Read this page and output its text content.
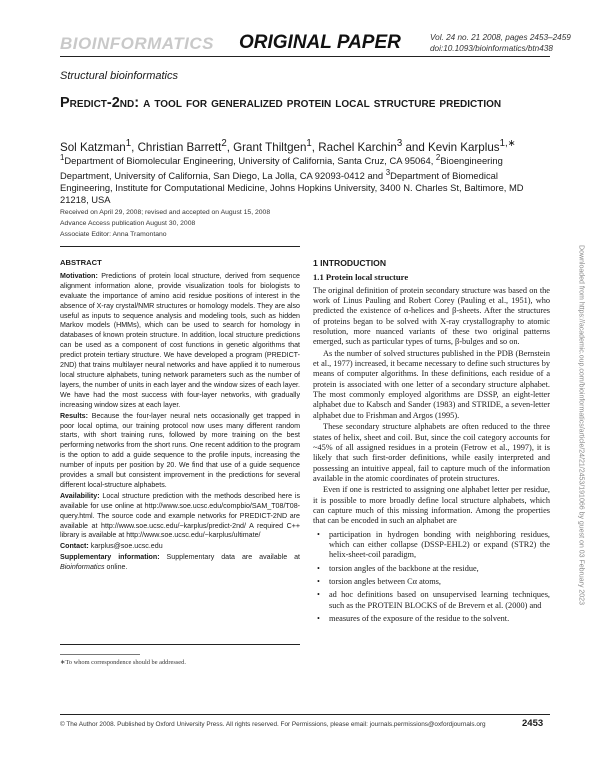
BIOINFORMATICS ORIGINAL PAPER	Vol. 24 no. 21 2008, pages 2453–2459
doi:10.1093/bioinformatics/btn438
Structural bioinformatics
Predict-2nd: a tool for generalized protein local structure prediction
Sol Katzman$^1$, Christian Barrett$^2$, Grant Thiltgen$^1$, Rachel Karchin$^3$ and Kevin Karplus$^{1,∗}$
$^1$Department of Biomolecular Engineering, University of California, Santa Cruz, CA 95064, $^2$Bioengineering Department, University of California, San Diego, La Jolla, CA 92093-0412 and $^3$Department of Biomedical Engineering, Institute for Computational Medicine, Johns Hopkins University, 3400 N. Charles St, Baltimore, MD 21218, USA
Received on April 29, 2008; revised and accepted on August 15, 2008
Advance Access publication August 30, 2008
Associate Editor: Anna Tramontano

ABSTRACT

Motivation: Predictions of protein local structure, derived from sequence alignment information alone, provide visualization tools for biologists to evaluate the importance of amino acid residue positions of interest in the absence of X-ray crystal/NMR structures or homology models. They are also useful as inputs to sequence analysis and modeling tools, such as hidden Markov models (HMMs), which can be used to search for homology in databases of known protein structure. In addition, local structure predictions can be used as a component of cost functions in genetic algorithms that predict protein tertiary structure. We have developed a program (PREDICT-2ND) that trains multilayer neural networks and have applied it to numerous local structure alphabets, tuning network parameters such as the number of layers, the number of units in each layer and the window sizes of each layer. We have had the most success with four-layer networks, with gradually increasing window sizes at each layer.

Results: Because the four-layer neural nets occasionally get trapped in poor local optima, our training protocol now uses many different random starts, with short training runs, followed by more training on the best performing networks from the short runs. One recent addition to the program is the option to add a guide sequence to the profile inputs, increasing the number of inputs per position by 20. We find that use of a guide sequence provides a small but consistent improvement in the predictions for several different local-structure alphabets.

Availability: Local structure prediction with the methods described here is available for use online at http://www.soe.ucsc.edu/compbio/SAM_T08/T08-query.html. The source code and example networks for PREDICT-2ND are available at http://www.soe.ucsc.edu/~karplus/predict-2nd/ A required C++ library is available at http://www.soe.ucsc.edu/~karplus/ultimate/

Contact: karplus@soe.ucsc.edu

Supplementary information: Supplementary data are available at Bioinformatics online.

∗To whom correspondence should be addressed.

1 INTRODUCTION

1.1 Protein local structure

The original definition of protein secondary structure was based on the work of Linus Pauling and Robert Corey (Pauling et al., 1951), who predicted the existence of α-helices and β-sheets. After the structures of proteins began to be solved with X-ray crystallography to atomic resolution, more nuanced variants of these two original patterns emerged, such as particular types of turns, β-bulges and so on.

As the number of solved structures published in the PDB (Bernstein et al., 1977) increased, it became necessary to define such structures by means of computer algorithms. In these definitions, each residue of a protein is associated with one letter of a secondary structure alphabet. The most commonly employed algorithms are DSSP, an eight-letter alphabet due to Kabsch and Sander (1983) and STRIDE, a seven-letter alphabet due to Frishman and Argos (1995).

These secondary structure alphabets are often reduced to the three states of helix, sheet and coil. But, since the coil category accounts for ~45% of all assigned residues in a protein (Fetrow et al., 1997), it is likely that such first-order definitions, while easily interpreted and possessing an intuitive appeal, fail to capture much of the information available in the atomic coordinates of protein structures.

Even if one is restricted to assigning one alphabet letter per residue, it is possible to more broadly define local structure alphabets, which can capture much of this missing information. Among the properties that can be encoded in such an alphabet are

• participation in hydrogen bonding with neighboring residues, which can either collapse (DSSP-EHL2) or expand (STR2) the helix-sheet-coil paradigm,
• torsion angles of the backbone at the residue,
• torsion angles between Cα atoms,
• ad hoc definitions based on unsupervised learning techniques, such as the PROTEIN BLOCKS of de Brevern et al. (2000) and
• measures of the exposure of the residue to the solvent.
Downloaded from https://academic.oup.com/bioinformatics/article/24/21/2453/191066 by guest on 03 February 2023
© The Author 2008. Published by Oxford University Press. All rights reserved. For Permissions, please email: journals.permissions@oxfordjournals.org	2453
